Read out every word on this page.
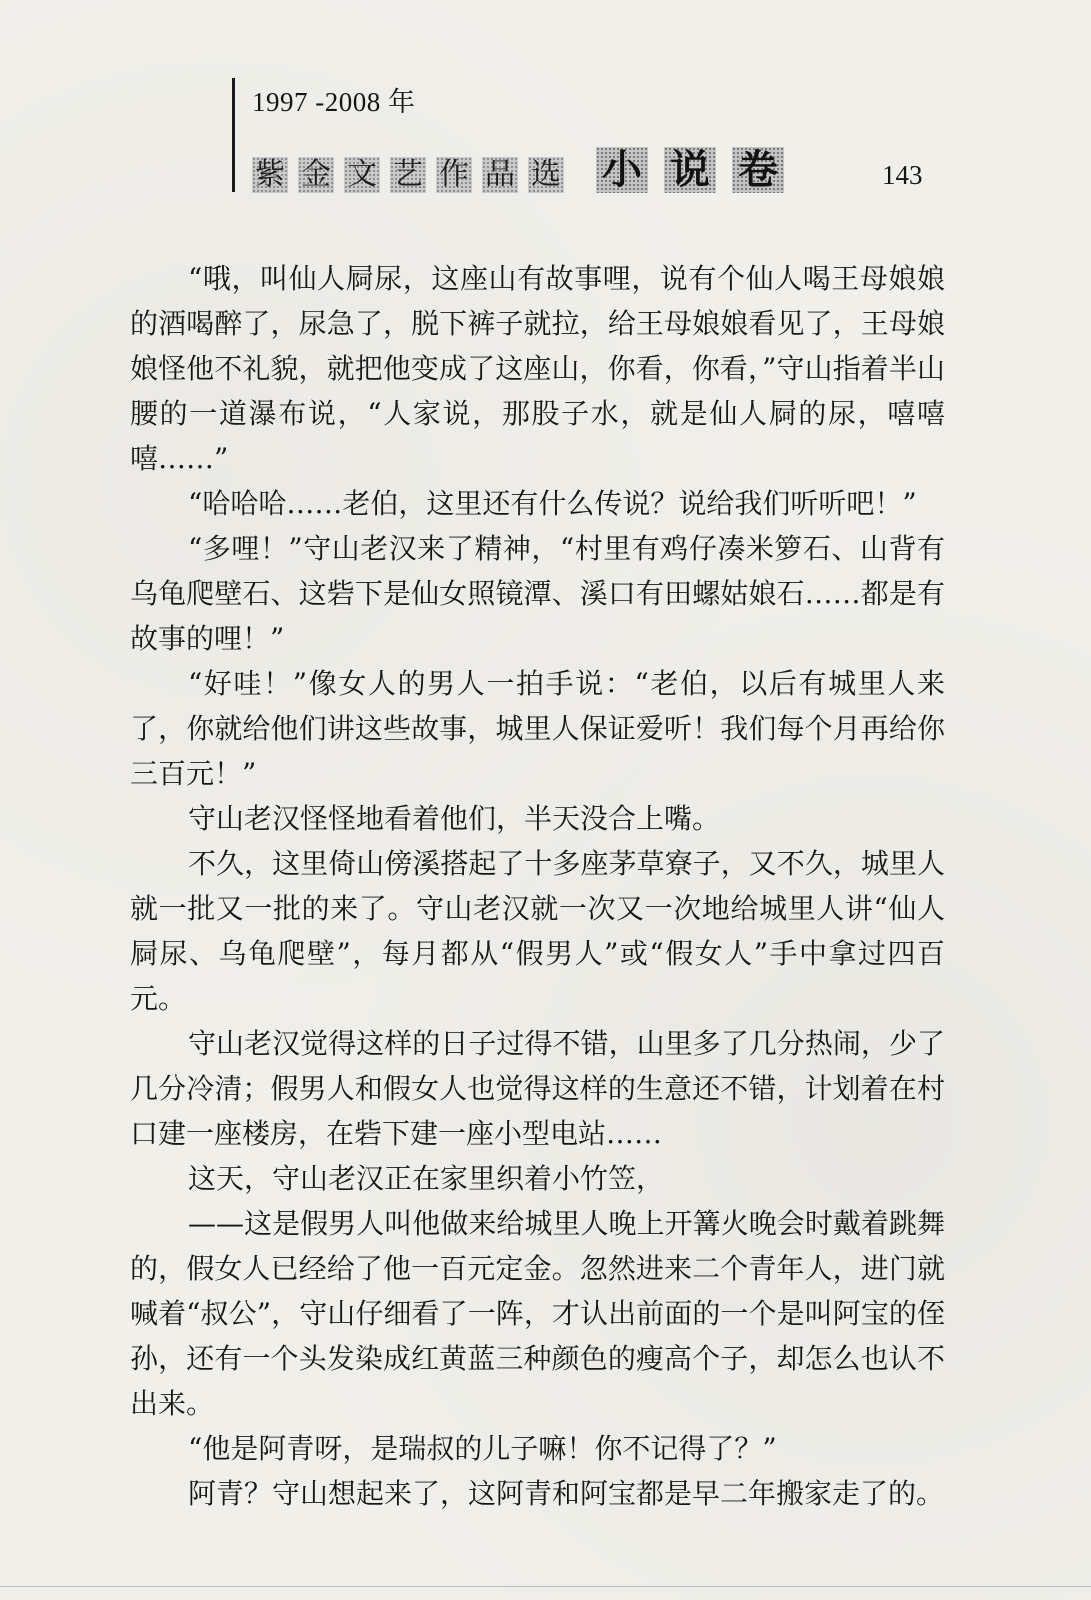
1997 -2008 年
紫 金 文 艺 作 品 选 小 说 卷	143

“哦，叫仙人屙尿，这座山有故事哩，说有个仙人喝王母娘娘的酒喝醉了，尿急了，脱下裤子就拉，给王母娘娘看见了，王母娘娘怪他不礼貌，就把他变成了这座山，你看，你看，”守山指着半山腰的一道瀑布说，“人家说，那股子水，就是仙人屙的尿，嘻嘻嘻……”

“哈哈哈……老伯，这里还有什么传说？说给我们听听吧！”

“多哩！”守山老汉来了精神，“村里有鸡仔凑米箩石、山背有乌龟爬壁石、这砦下是仙女照镜潭、溪口有田螺姑娘石……都是有故事的哩！”

“好哇！”像女人的男人一拍手说：“老伯，以后有城里人来了，你就给他们讲这些故事，城里人保证爱听！我们每个月再给你三百元！”

守山老汉怪怪地看着他们，半天没合上嘴。

不久，这里倚山傍溪搭起了十多座茅草寮子，又不久，城里人就一批又一批的来了。守山老汉就一次又一次地给城里人讲“仙人屙尿、乌龟爬壁”，每月都从“假男人”或“假女人”手中拿过四百元。

守山老汉觉得这样的日子过得不错，山里多了几分热闹，少了几分冷清；假男人和假女人也觉得这样的生意还不错，计划着在村口建一座楼房，在砦下建一座小型电站……

这天，守山老汉正在家里织着小竹笠，

——这是假男人叫他做来给城里人晚上开篝火晚会时戴着跳舞的，假女人已经给了他一百元定金。忽然进来二个青年人，进门就喊着“叔公”，守山仔细看了一阵，才认出前面的一个是叫阿宝的侄孙，还有一个头发染成红黄蓝三种颜色的瘦高个子，却怎么也认不出来。

“他是阿青呀，是瑞叔的儿子嘛！你不记得了？”

阿青？守山想起来了，这阿青和阿宝都是早二年搬家走了的。
